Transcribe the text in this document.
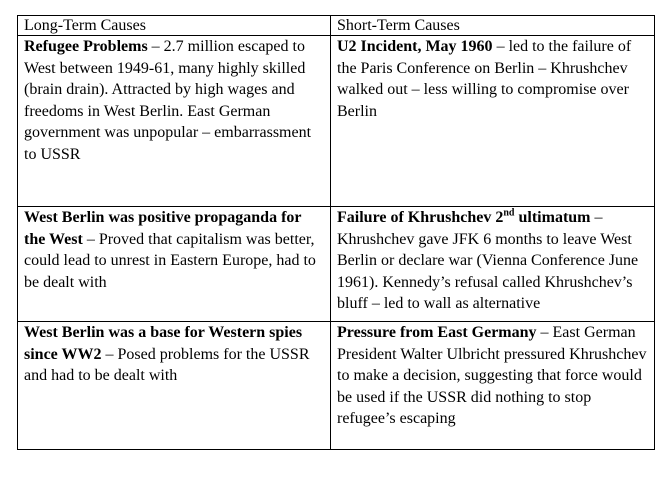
Long-Term Causes	Short-Term Causes
Refugee Problems – 2.7 million escaped to West between 1949-61, many highly skilled (brain drain). Attracted by high wages and freedoms in West Berlin. East German government was unpopular – embarrassment to USSR	U2 Incident, May 1960 – led to the failure of the Paris Conference on Berlin – Khrushchev walked out – less willing to compromise over Berlin
West Berlin was positive propaganda for the West – Proved that capitalism was better, could lead to unrest in Eastern Europe, had to be dealt with	Failure of Khrushchev 2nd ultimatum – Khrushchev gave JFK 6 months to leave West Berlin or declare war (Vienna Conference June 1961). Kennedy’s refusal called Khrushchev’s bluff – led to wall as alternative
West Berlin was a base for Western spies since WW2 – Posed problems for the USSR and had to be dealt with	Pressure from East Germany – East German President Walter Ulbricht pressured Khrushchev to make a decision, suggesting that force would be used if the USSR did nothing to stop refugee’s escaping
